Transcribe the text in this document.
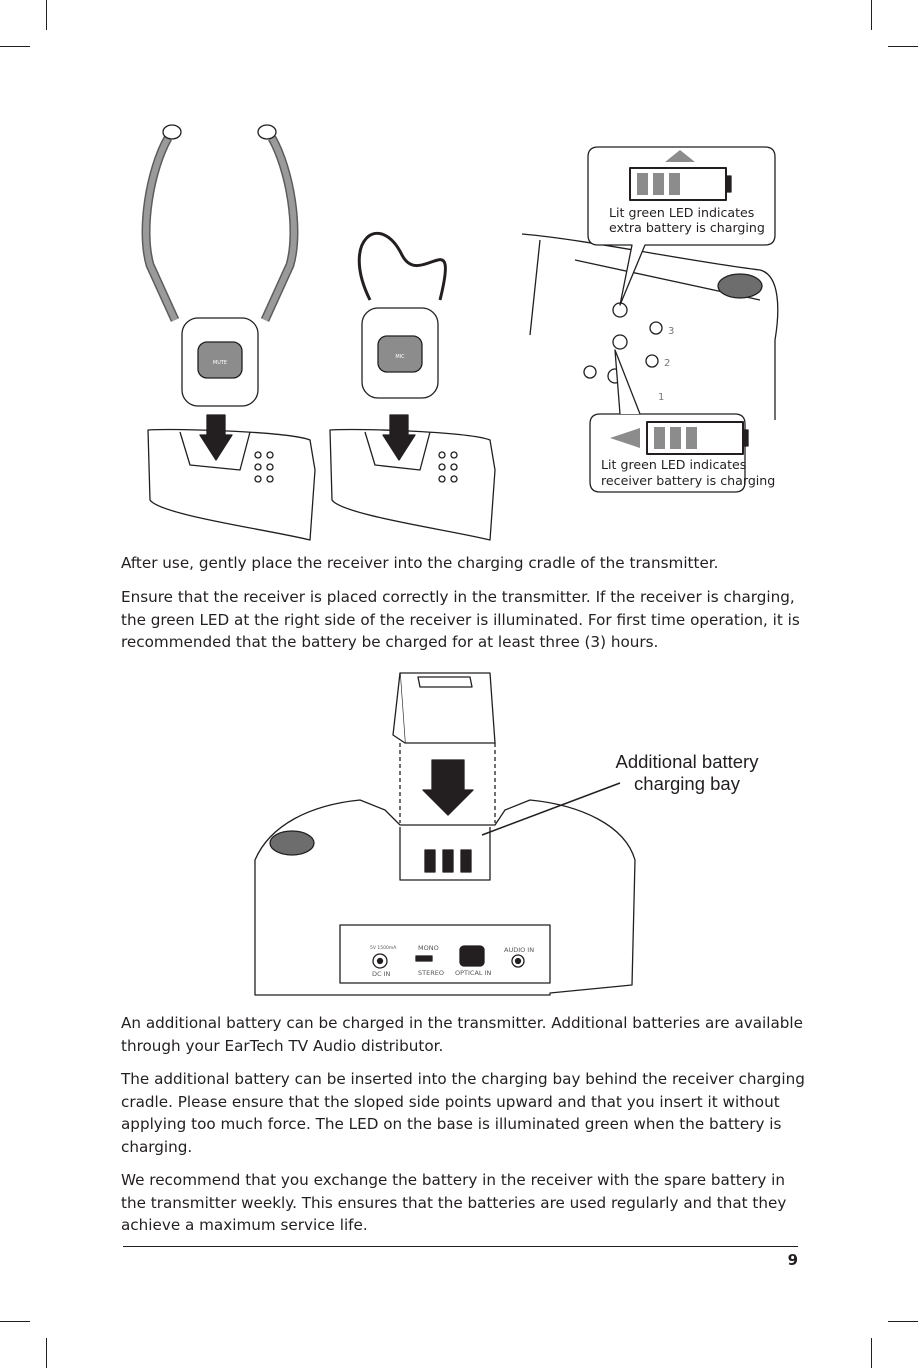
MUTE
MIC
3
2
1
Lit green LED indicates
extra battery is charging
Lit green LED indicates
receiver battery is charging

After use, gently place the receiver into the charging cradle of the transmitter.

Ensure that the receiver is placed correctly in the transmitter. If the receiver is charging, the green LED at the right side of the receiver is illuminated. For first time operation, it is recommended that the battery be charged for at least three (3) hours.

5V 1500mA
DC IN
MONO
STEREO OPTICAL IN
AUDIO IN
Additional battery
charging bay

An additional battery can be charged in the transmitter. Additional batteries are available through your EarTech TV Audio distributor.

The additional battery can be inserted into the charging bay behind the receiver charging cradle. Please ensure that the sloped side points upward and that you insert it without applying too much force. The LED on the base is illuminated green when the battery is charging.

We recommend that you exchange the battery in the receiver with the spare battery in the transmitter weekly. This ensures that the batteries are used regularly and that they achieve a maximum service life.

9
